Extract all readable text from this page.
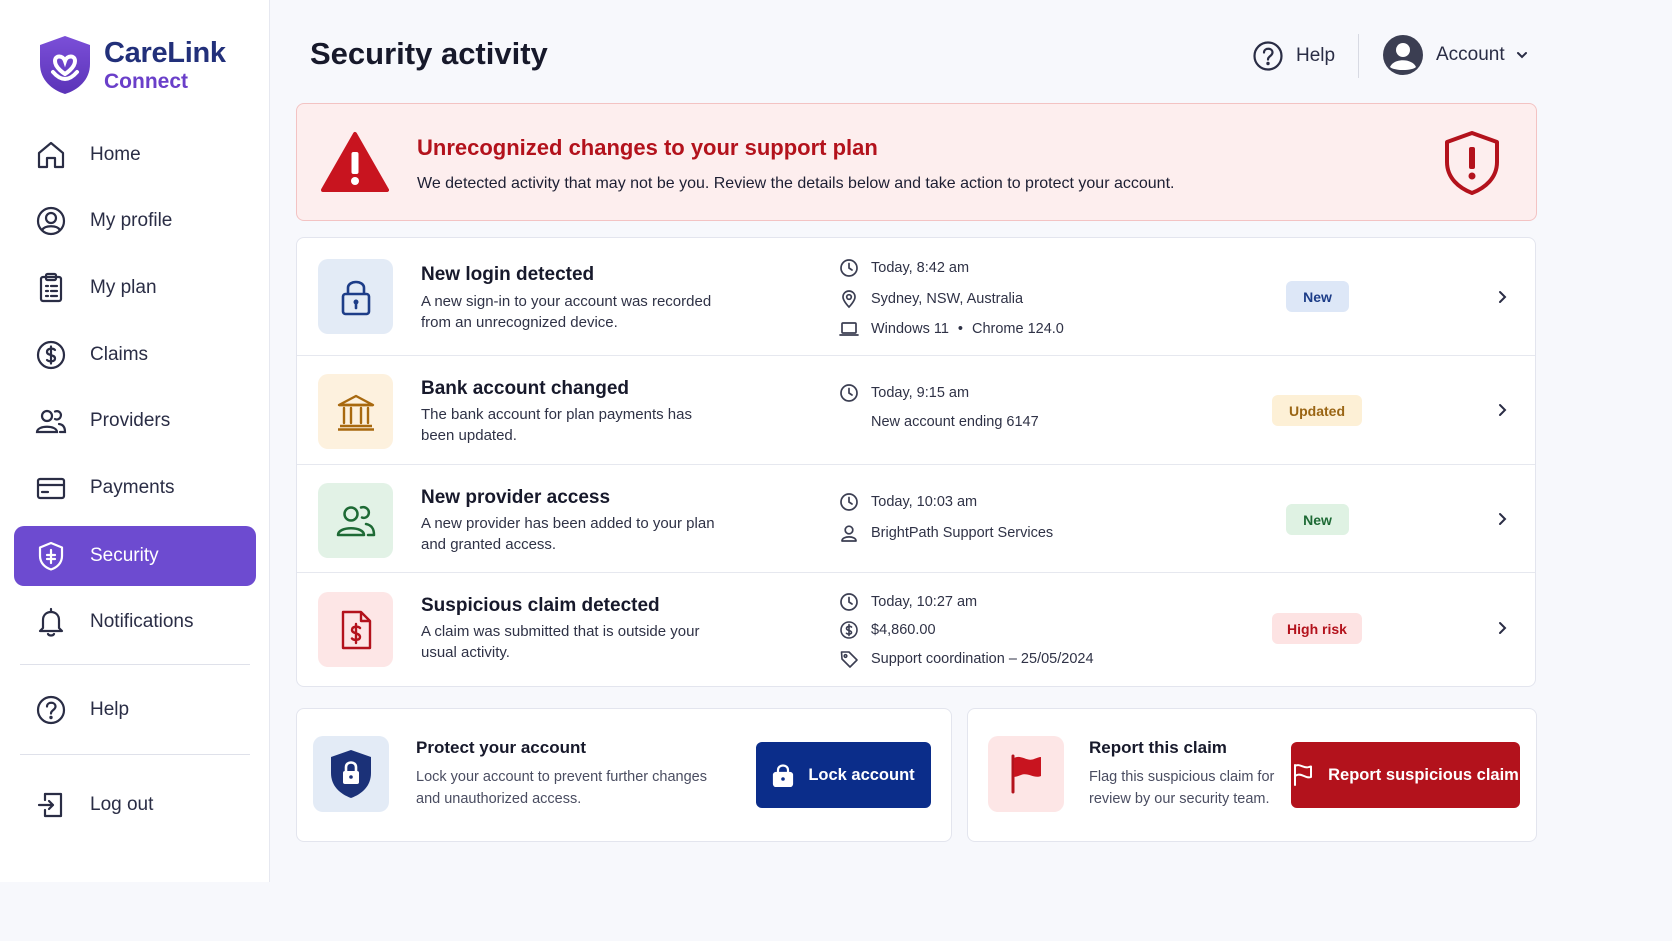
CareLink
Connect
Home
My profile
My plan
Claims
Providers
Payments
Security
Notifications
Help
Log out
Security activity	Help	Account
Unrecognized changes to your support plan
We detected activity that may not be you. Review the details below and take action to protect your account.
New login detected
A new sign-in to your account was recorded from an unrecognized device.
Today, 8:42 am
Sydney, NSW, Australia
Windows 11 • Chrome 124.0
New
Bank account changed
The bank account for plan payments has been updated.
Today, 9:15 am
New account ending 6147
Updated
New provider access
A new provider has been added to your plan and granted access.
Today, 10:03 am
BrightPath Support Services
New
Suspicious claim detected
A claim was submitted that is outside your usual activity.
Today, 10:27 am
$4,860.00
Support coordination – 25/05/2024
High risk
Protect your account
Lock your account to prevent further changes and unauthorized access.
Lock account
Report this claim
Flag this suspicious claim for review by our security team.
Report suspicious claim
